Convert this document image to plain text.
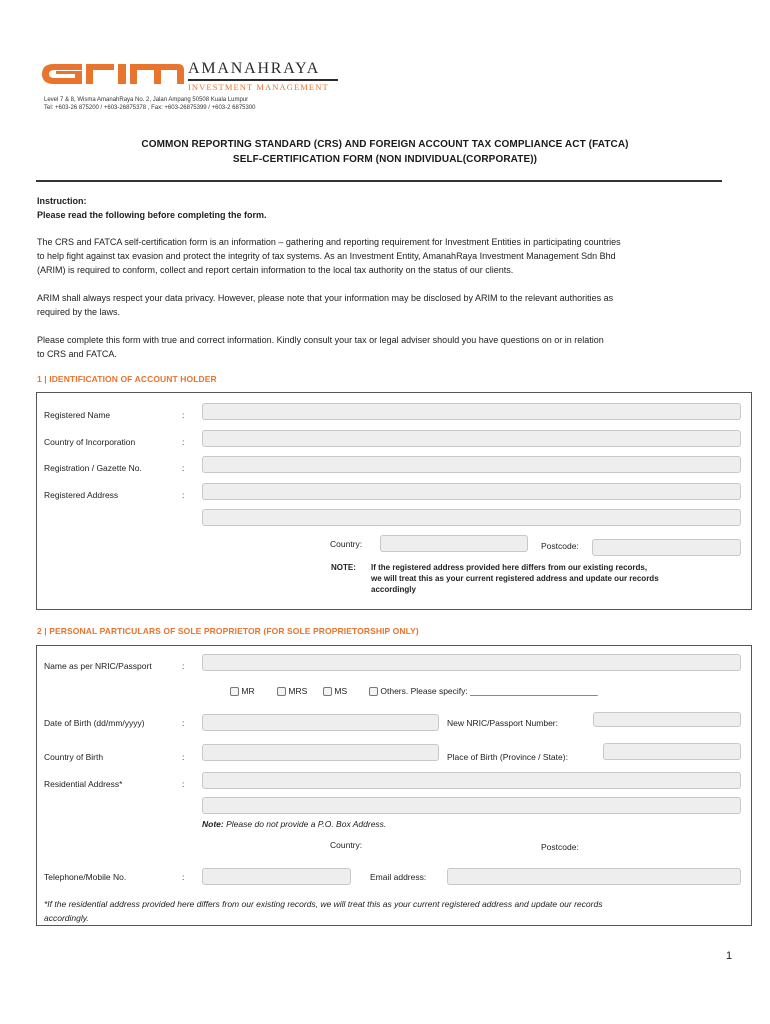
AMANAHRAYA
INVESTMENT MANAGEMENT
Level 7 & 8, Wisma AmanahRaya No. 2, Jalan Ampang 50508 Kuala Lumpur
Tel: +603-26 875200 / +603-26875378 , Fax: +603-26875399 / +603-2 6875300
COMMON REPORTING STANDARD (CRS) AND FOREIGN ACCOUNT TAX COMPLIANCE ACT (FATCA)
SELF-CERTIFICATION FORM (NON INDIVIDUAL(CORPORATE))
Instruction:
Please read the following before completing the form.
The CRS and FATCA self-certification form is an information – gathering and reporting requirement for Investment Entities in participating countries
to help fight against tax evasion and protect the integrity of tax systems. As an Investment Entity, AmanahRaya Investment Management Sdn Bhd
(ARIM) is required to conform, collect and report certain information to the local tax authority on the status of our clients.
ARIM shall always respect your data privacy. However, please note that your information may be disclosed by ARIM to the relevant authorities as
required by the laws.
Please complete this form with true and correct information. Kindly consult your tax or legal adviser should you have questions on or in relation
to CRS and FATCA.
1 | IDENTIFICATION OF ACCOUNT HOLDER
Registered Name	:
Country of Incorporation	:
Registration / Gazette No.	:
Registered Address	:
Country:	Postcode:
NOTE: If the registered address provided here differs from our existing records,
we will treat this as your current registered address and update our records
accordingly
2 | PERSONAL PARTICULARS OF SOLE PROPRIETOR (FOR SOLE PROPRIETORSHIP ONLY)
Name as per NRIC/Passport	:
MR	MRS	MS	Others. Please specify: ___________________________
Date of Birth (dd/mm/yyyy)	:	New NRIC/Passport Number:
Country of Birth	:	Place of Birth (Province / State):
Residential Address*	:
Note: Please do not provide a P.O. Box Address.
Country:	Postcode:
Telephone/Mobile No.	:	Email address:
*If the residential address provided here differs from our existing records, we will treat this as your current registered address and update our records
accordingly.
1
